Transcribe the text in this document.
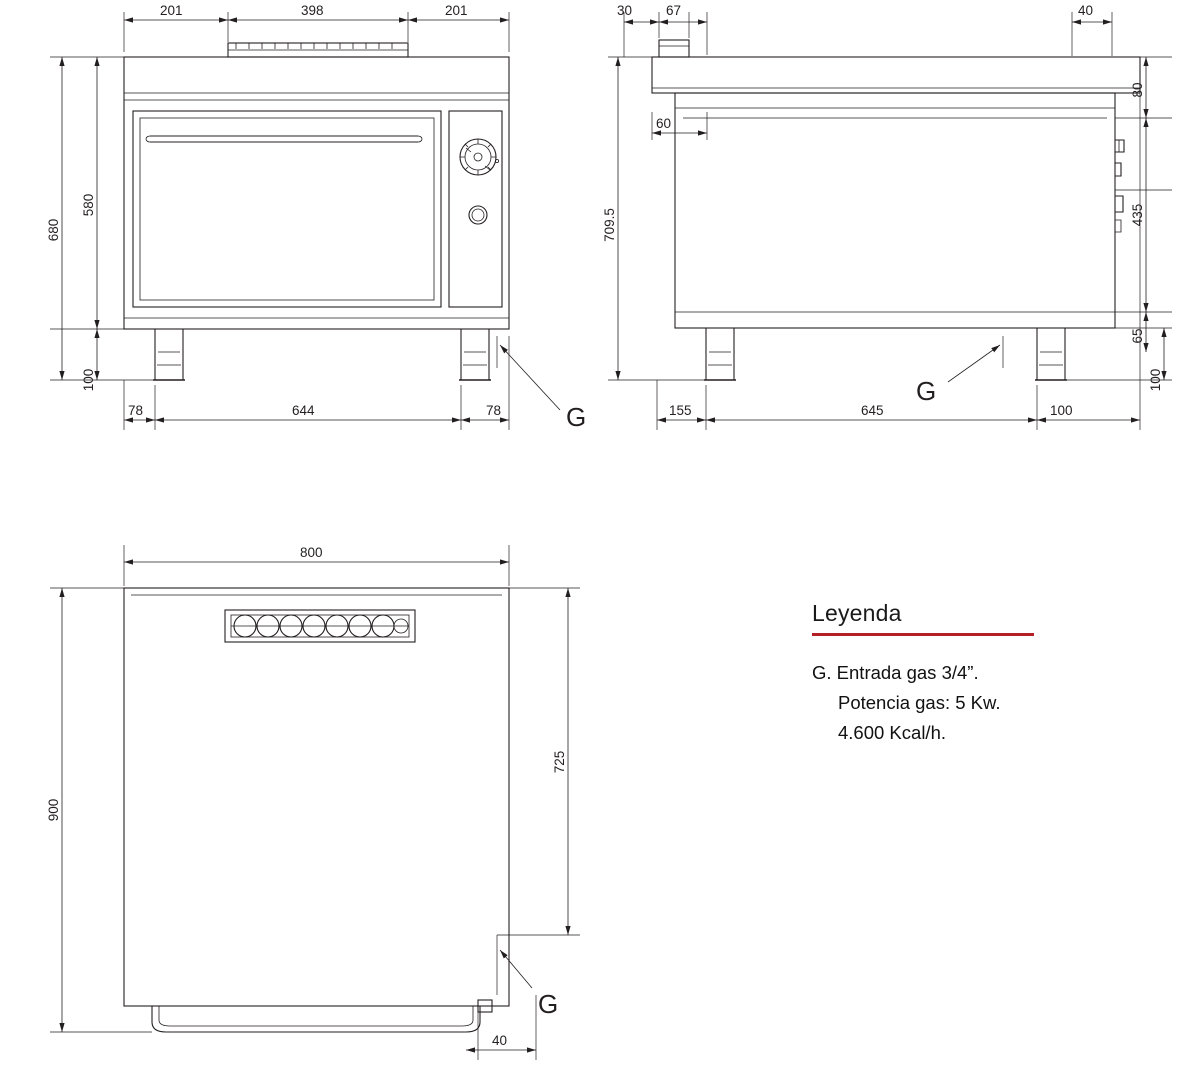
G
201	398	201
680
580
100
78	644	78
G
30	67	40
60
709.5
80
435
65
100
155	645	100
G
800
900
725
40
Leyenda
G. Entrada gas 3/4”.
Potencia gas: 5 Kw.
4.600 Kcal/h.
